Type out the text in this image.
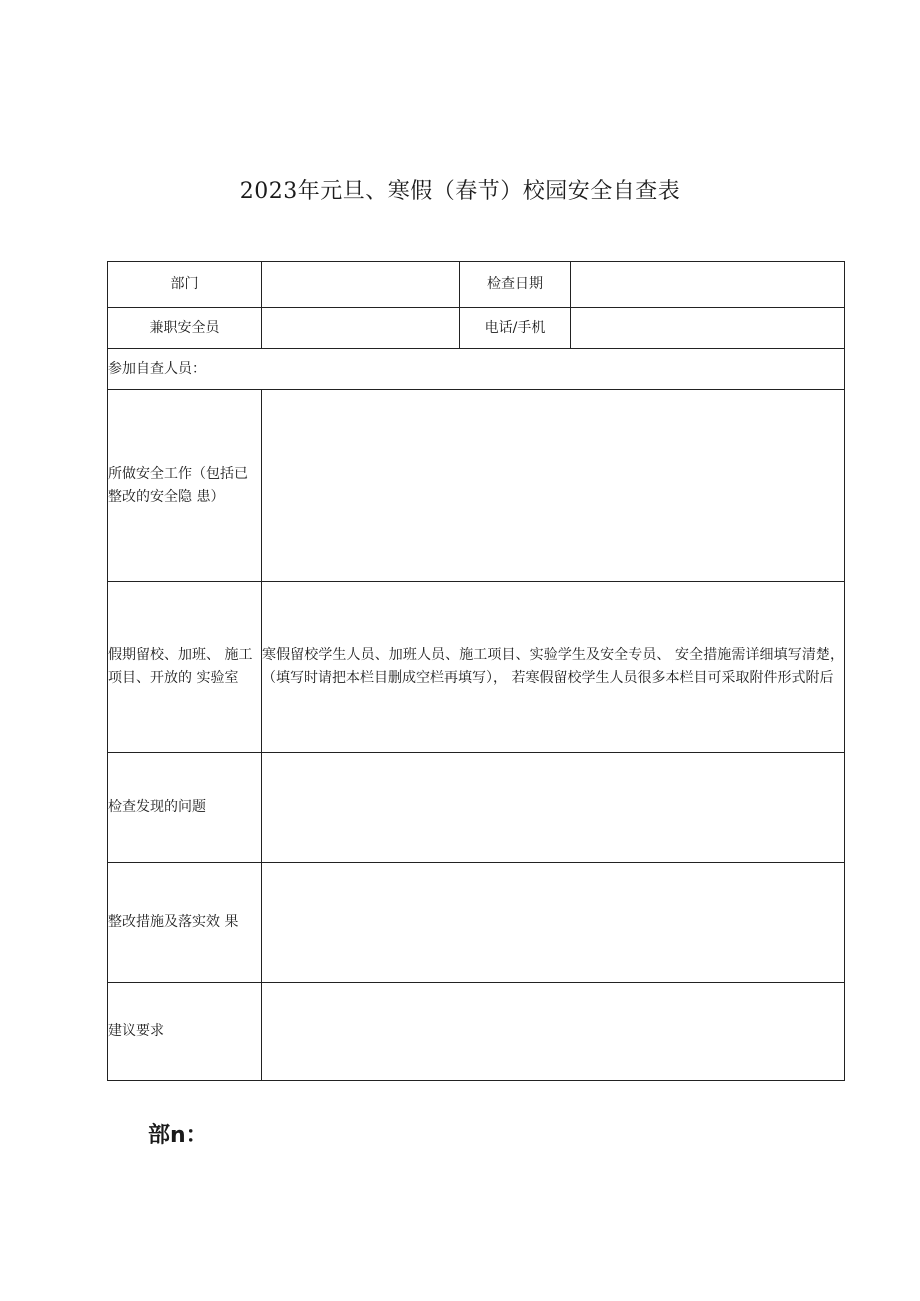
2023年元旦、寒假（春节）校园安全自查表
部门		检查日期	
兼职安全员		电话/手机	
参加自查人员：			
所做安全工作（包括已整改的安全隐 患）			
假期留校、加班、 施工项目、开放的 实验室	寒假留校学生人员、加班人员、施工项目、实验学生及安全专员、 安全措施需详细填写清楚，（填写时请把本栏目删成空栏再填写）， 若寒假留校学生人员很多本栏目可采取附件形式附后		
检查发现的问题			
整改措施及落实效 果			
建议要求			
部n：
